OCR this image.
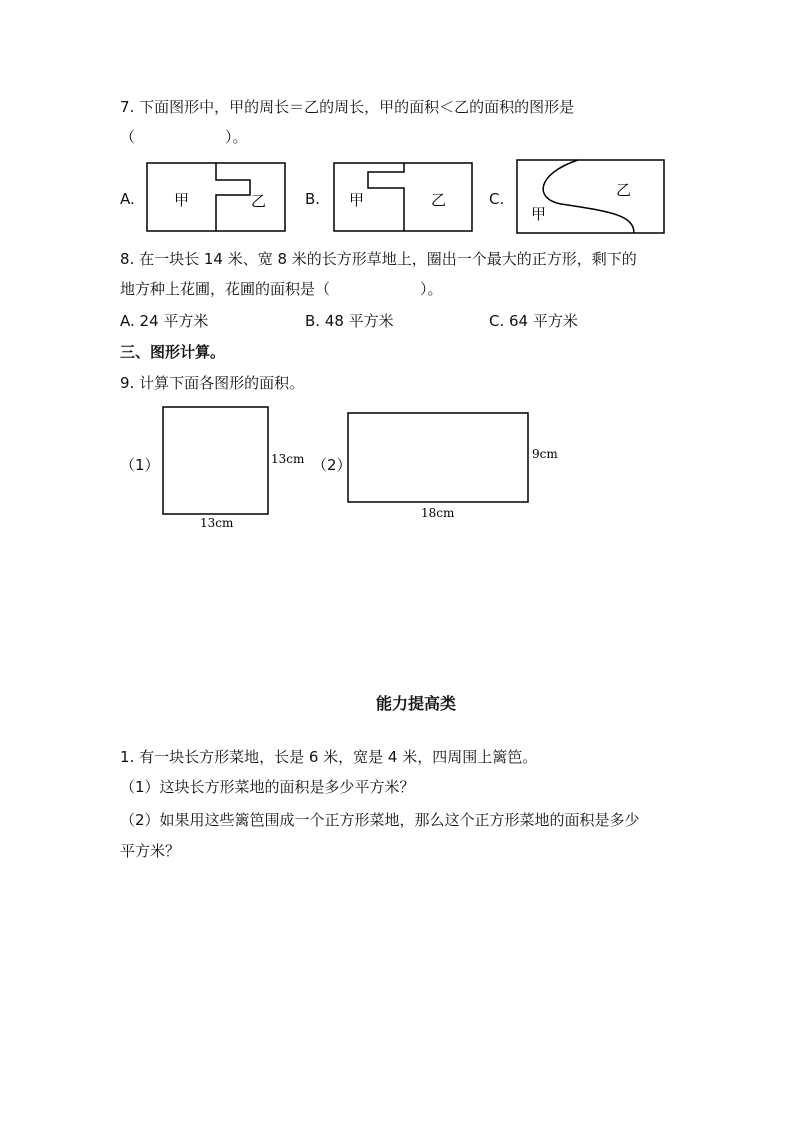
7. 下面图形中，甲的周长＝乙的周长，甲的面积＜乙的面积的图形是
（　　　　　　）。
A.	甲	乙	B. 甲	乙	C.
甲
乙
8. 在一块长 14 米、宽 8 米的长方形草地上，圈出一个最大的正方形，剩下的
地方种上花圃，花圃的面积是（　　　　　　）。
A. 24 平方米	B. 48 平方米	C. 64 平方米
三、图形计算。
9. 计算下面各图形的面积。
（1）	13cm
13cm
（2）
9cm
18cm
能力提高类
1. 有一块长方形菜地，长是 6 米，宽是 4 米，四周围上篱笆。
（1）这块长方形菜地的面积是多少平方米？
（2）如果用这些篱笆围成一个正方形菜地，那么这个正方形菜地的面积是多少
平方米？
